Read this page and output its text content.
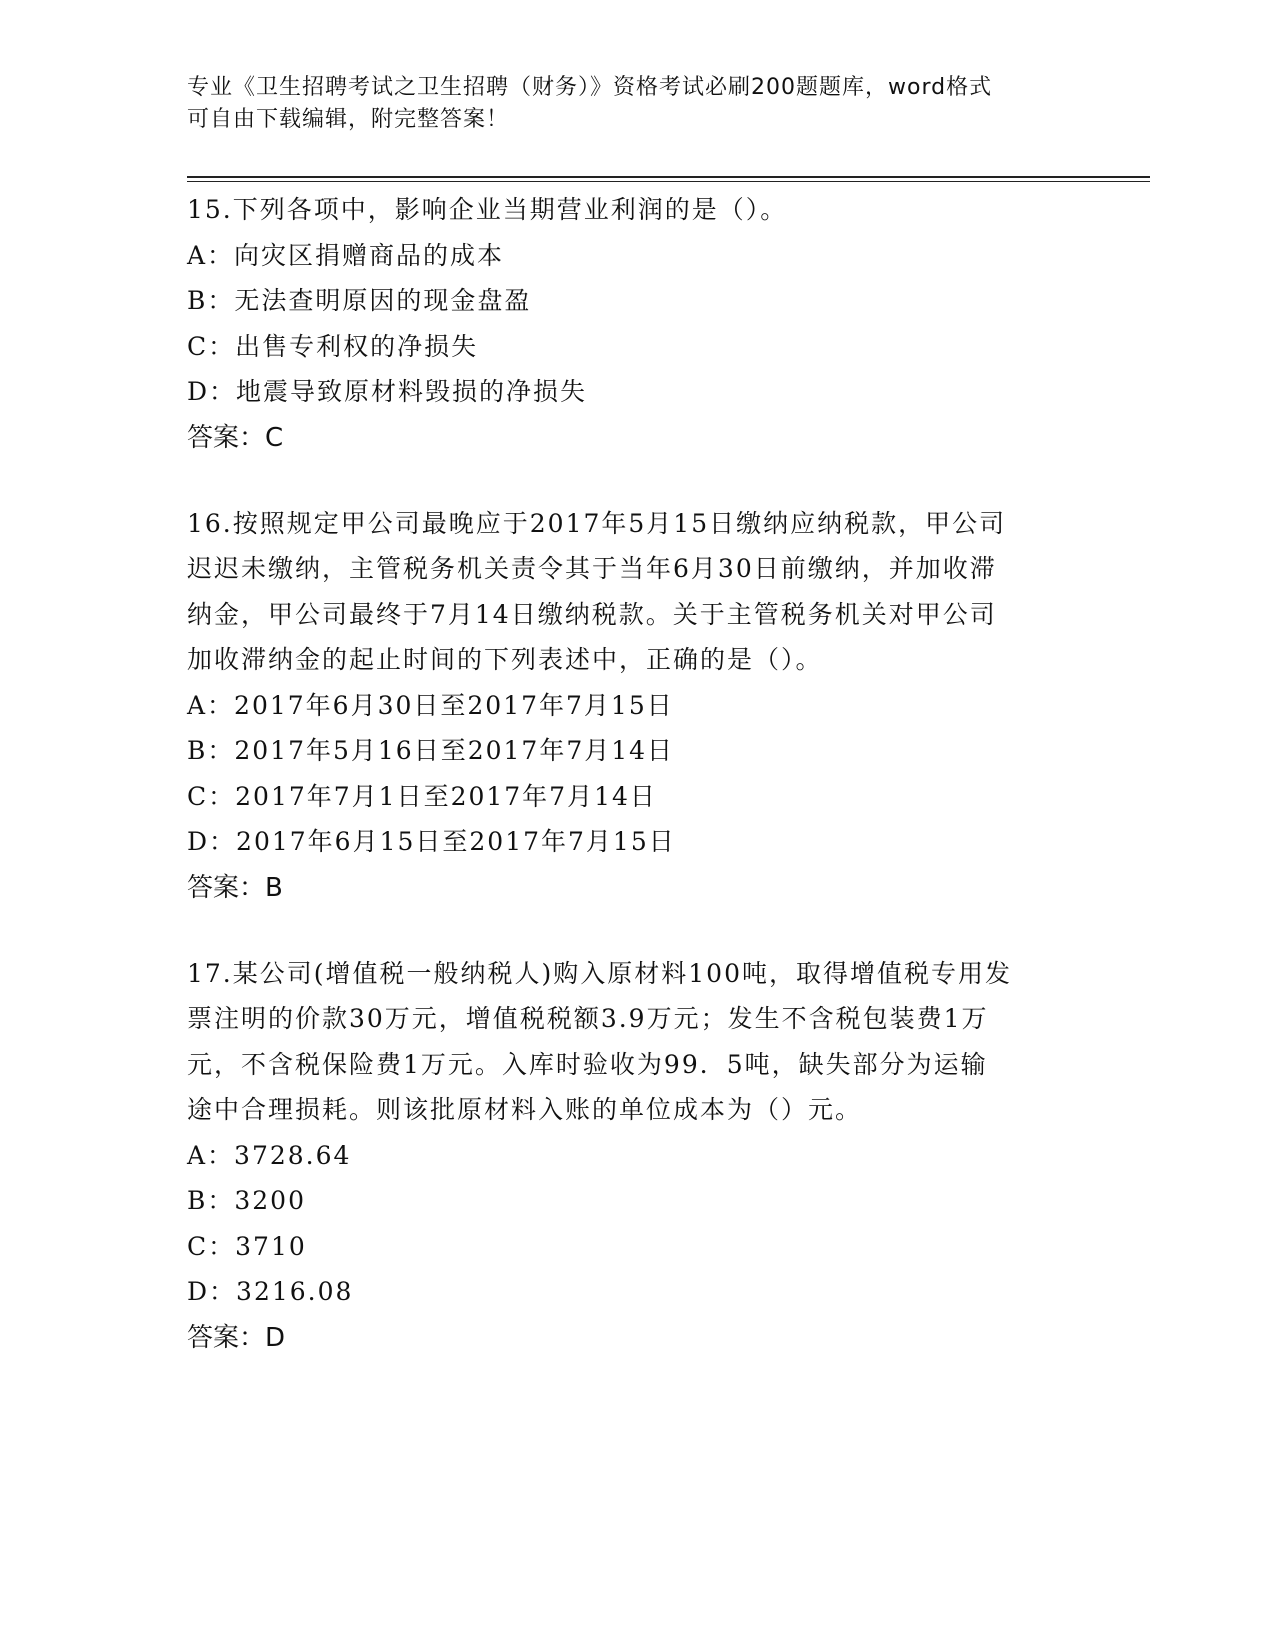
专业《卫生招聘考试之卫生招聘（财务）》资格考试必刷200题题库，word格式
可自由下载编辑，附完整答案！

15.下列各项中，影响企业当期营业利润的是（）。

A：向灾区捐赠商品的成本

B：无法查明原因的现金盘盈

C：出售专利权的净损失

D：地震导致原材料毁损的净损失

答案：C

16.按照规定甲公司最晚应于2017年5月15日缴纳应纳税款，甲公司

迟迟未缴纳，主管税务机关责令其于当年6月30日前缴纳，并加收滞

纳金，甲公司最终于7月14日缴纳税款。关于主管税务机关对甲公司

加收滞纳金的起止时间的下列表述中，正确的是（）。

A：2017年6月30日至2017年7月15日

B：2017年5月16日至2017年7月14日

C：2017年7月1日至2017年7月14日

D：2017年6月15日至2017年7月15日

答案：B

17.某公司(增值税一般纳税人)购入原材料100吨，取得增值税专用发

票注明的价款30万元，增值税税额3.9万元；发生不含税包装费1万

元，不含税保险费1万元。入库时验收为99．5吨，缺失部分为运输

途中合理损耗。则该批原材料入账的单位成本为（）元。

A：3728.64

B：3200

C：3710

D：3216.08

答案：D
